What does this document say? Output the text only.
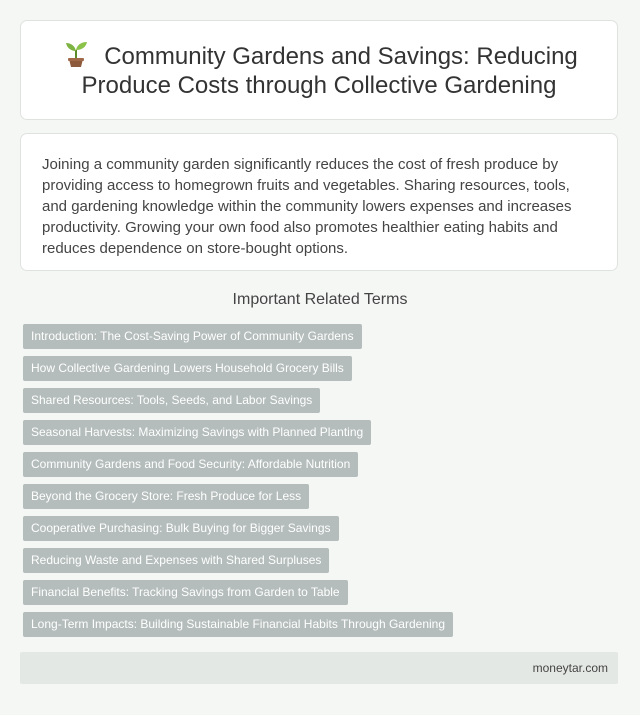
Community Gardens and Savings: Reducing Produce Costs through Collective Gardening

Joining a community garden significantly reduces the cost of fresh produce by providing access to homegrown fruits and vegetables. Sharing resources, tools, and gardening knowledge within the community lowers expenses and increases productivity. Growing your own food also promotes healthier eating habits and reduces dependence on store-bought options.

Important Related Terms
Introduction: The Cost-Saving Power of Community Gardens
How Collective Gardening Lowers Household Grocery Bills
Shared Resources: Tools, Seeds, and Labor Savings
Seasonal Harvests: Maximizing Savings with Planned Planting
Community Gardens and Food Security: Affordable Nutrition
Beyond the Grocery Store: Fresh Produce for Less
Cooperative Purchasing: Bulk Buying for Bigger Savings
Reducing Waste and Expenses with Shared Surpluses
Financial Benefits: Tracking Savings from Garden to Table
Long-Term Impacts: Building Sustainable Financial Habits Through Gardening
moneytar.com
